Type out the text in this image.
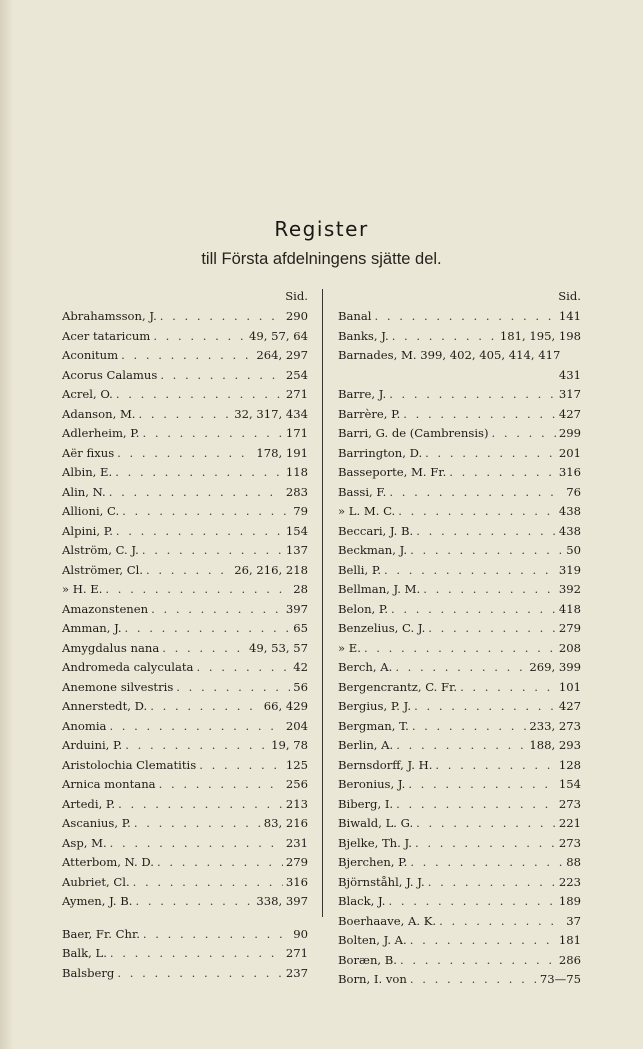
Register
till Första afdelningens sjätte del.
Sid.
Abrahamsson, J. . . .	290
Acer tataricum . . .	49, 57, 64
Aconitum . . .	264, 297
Acorus Calamus . . .	254
Acrel, O. . . .	271
Adanson, M. . . .	32, 317, 434
Adlerheim, P. . . .	171
Aër fixus . . .	178, 191
Albin, E. . . .	118
Alin, N. . . .	283
Allioni, C. . . .	79
Alpini, P. . . .	154
Alström, C. J. . . .	137
Alströmer, Cl. . . .	26, 216, 218
» H. E. . . .	28
Amazonstenen . . .	397
Amman, J. . . .	65
Amygdalus nana . . .	49, 53, 57
Andromeda calyculata . . .	42
Anemone silvestris . . .	56
Annerstedt, D. . . .	66, 429
Anomia . . .	204
Arduini, P. . . .	19, 78
Aristolochia Clematitis . . .	125
Arnica montana . . .	256
Artedi, P. . . .	213
Ascanius, P. . . .	83, 216
Asp, M. . . .	231
Atterbom, N. D. . . .	279
Aubriet, Cl. . . .	316
Aymen, J. B. . . .	338, 397
Baer, Fr. Chr. . . .	90
Balk, L. . . .	271
Balsberg . . .	237
Sid.
Banal . . .	141
Banks, J. . . .	181, 195, 198
Barnades, M. 399, 402, 405, 414, 417
431
Barre, J. . . .	317
Barrère, P. . . .	427
Barri, G. de (Cambrensis) . . .	299
Barrington, D. . . .	201
Basseporte, M. Fr. . . .	316
Bassi, F. . . .	76
» L. M. C. . . .	438
Beccari, J. B. . . .	438
Beckman, J. . . .	50
Belli, P. . . .	319
Bellman, J. M. . . .	392
Belon, P. . . .	418
Benzelius, C. J. . . .	279
» E. . . .	208
Berch, A. . . .	269, 399
Bergencrantz, C. Fr. . . .	101
Bergius, P. J. . . .	427
Bergman, T. . . .	233, 273
Berlin, A. . . .	188, 293
Bernsdorff, J. H. . . .	128
Beronius, J. . . .	154
Biberg, I. . . .	273
Biwald, L. G. . . .	221
Bjelke, Th. J. . . .	273
Bjerchen, P. . . .	88
Björnståhl, J. J. . . .	223
Black, J. . . .	189
Boerhaave, A. K. . . .	37
Bolten, J. A. . . .	181
Boræn, B. . . .	286
Born, I. von . . .	73—75
